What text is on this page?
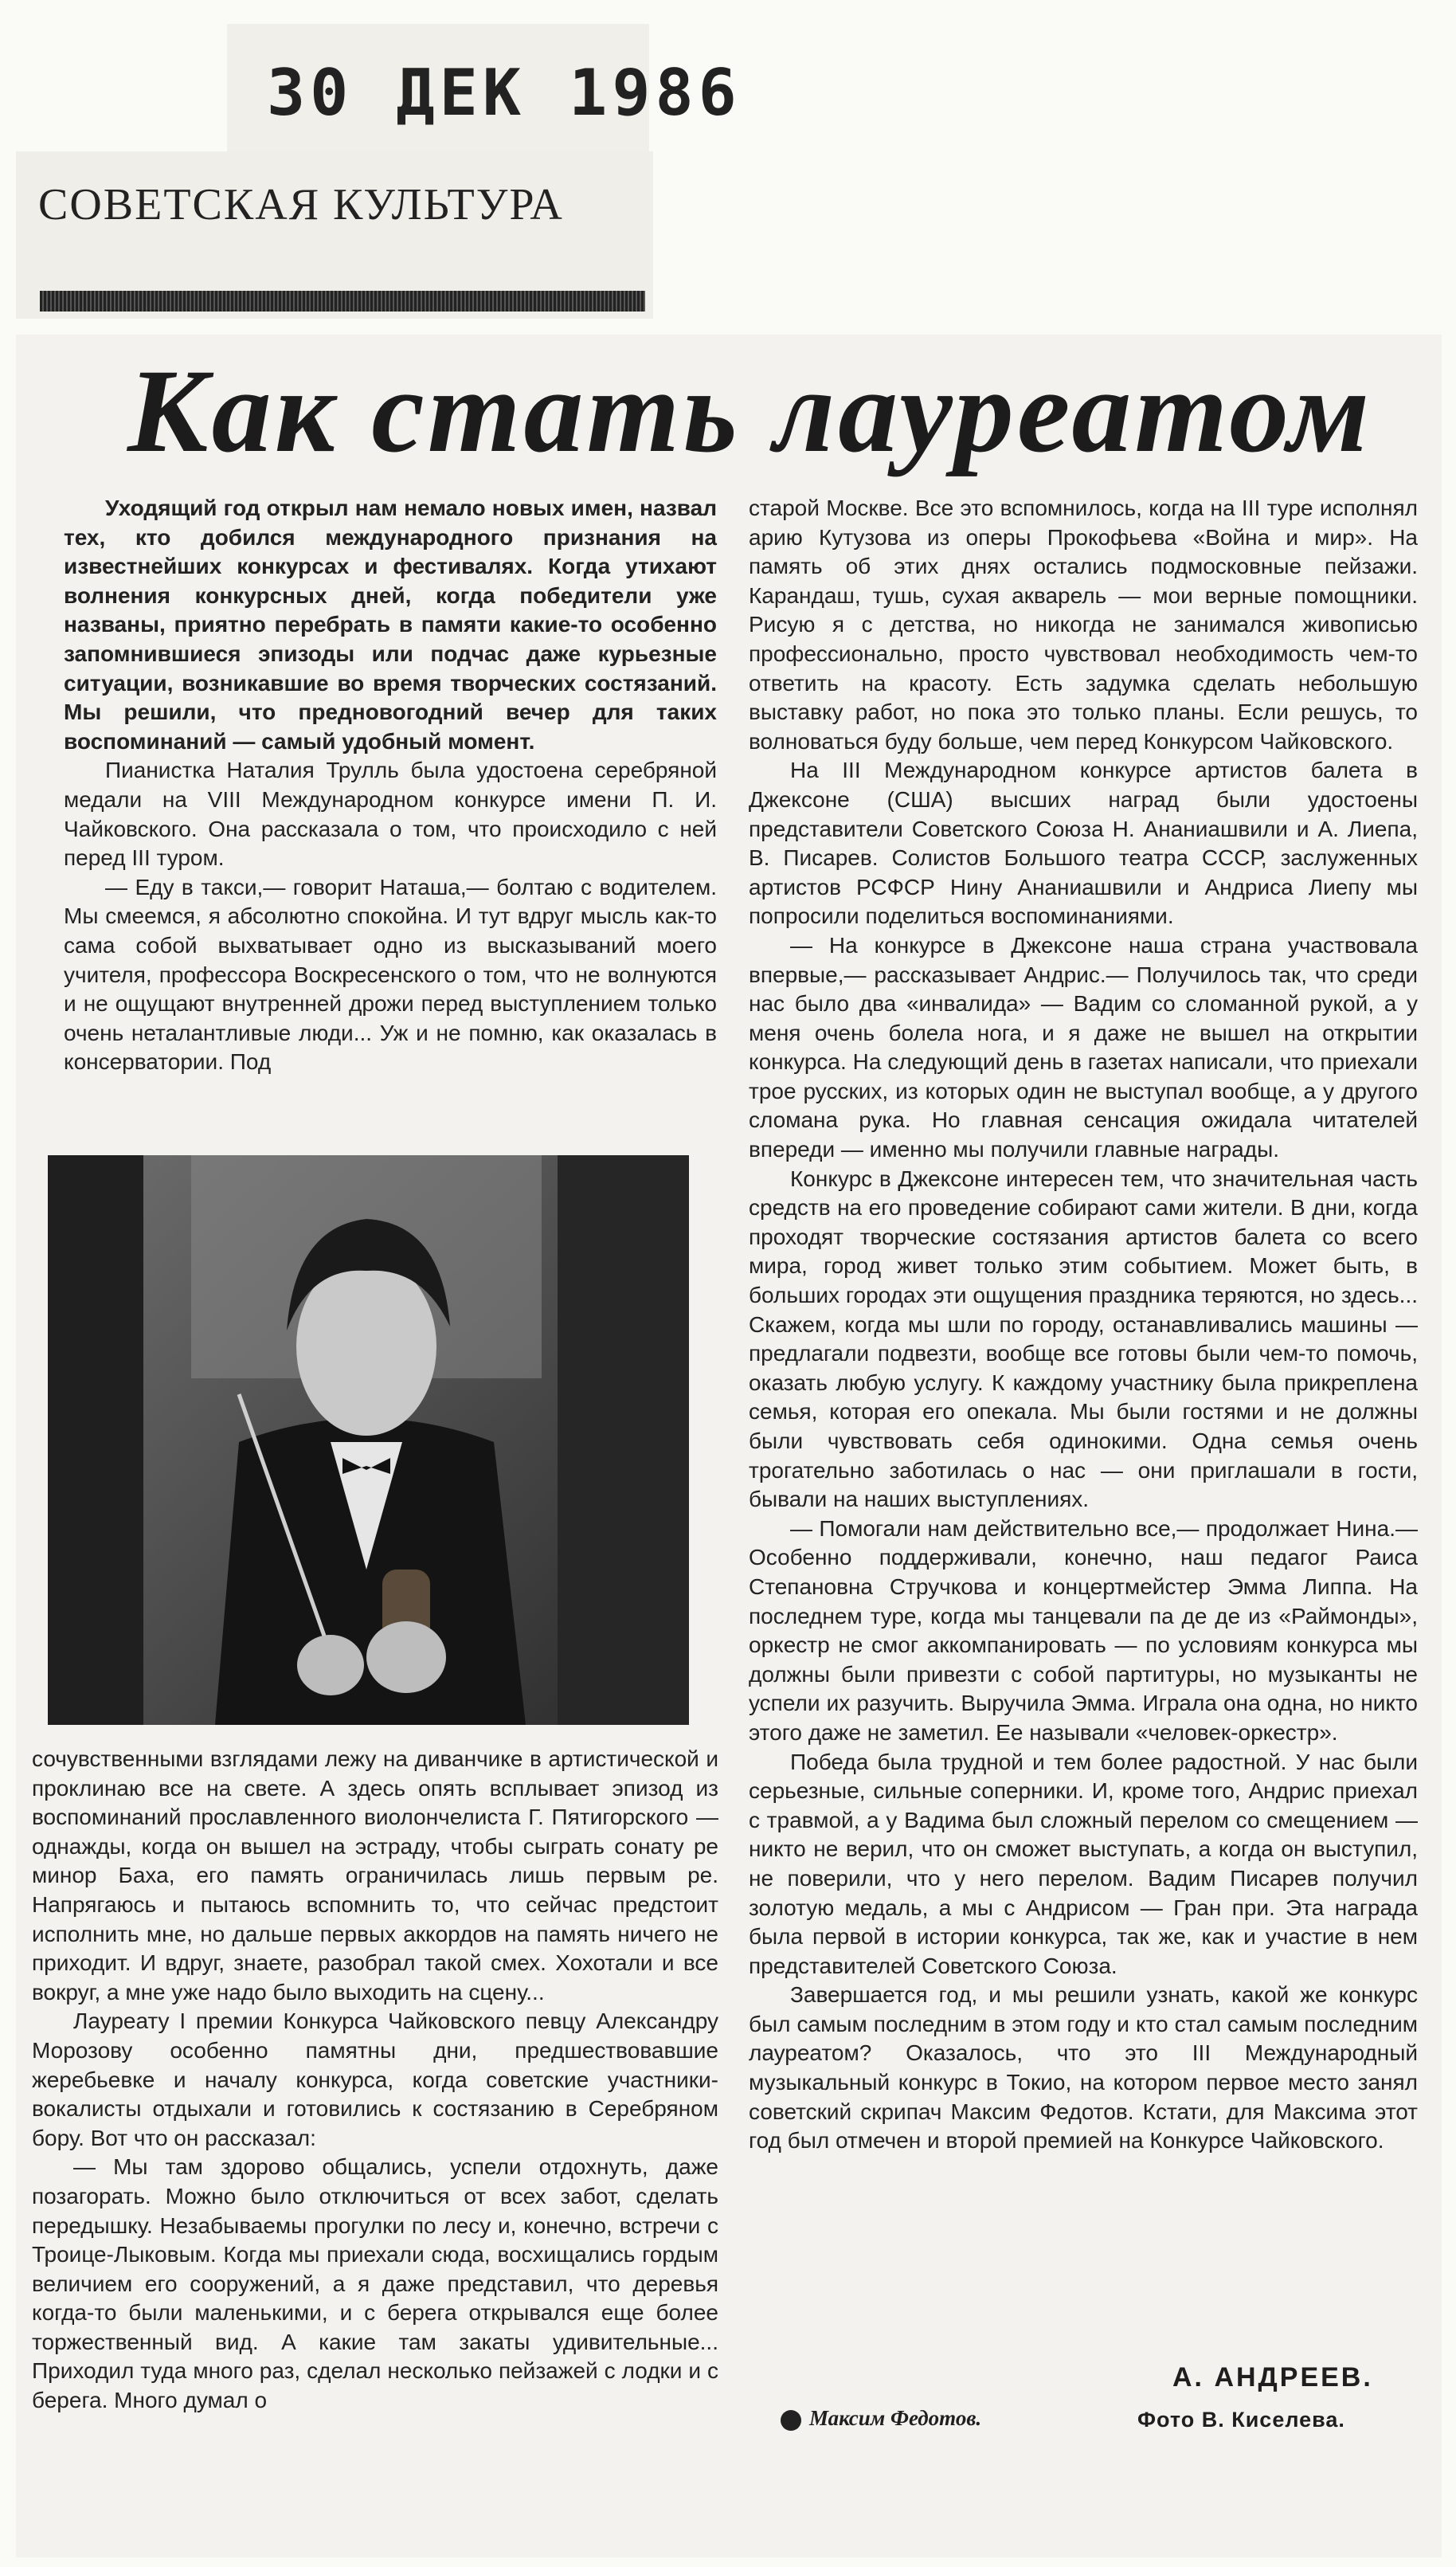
30 ДЕК 1986
СОВЕТСКАЯ КУЛЬТУРА
Как стать лауреатом

Уходящий год открыл нам немало новых имен, назвал тех, кто добился международного признания на известнейших конкурсах и фестивалях. Когда утихают волнения конкурсных дней, когда победители уже названы, приятно перебрать в памяти какие-то особенно запомнившиеся эпизоды или подчас даже курьезные ситуации, возникавшие во время творческих состязаний. Мы решили, что предновогодний вечер для таких воспоминаний — самый удобный момент.

Пианистка Наталия Трулль была удостоена серебряной медали на VIII Международном конкурсе имени П. И. Чайковского. Она рассказала о том, что происходило с ней перед III туром.

— Еду в такси,— говорит Наташа,— болтаю с водителем. Мы смеемся, я абсолютно спокойна. И тут вдруг мысль как-то сама собой выхватывает одно из высказываний моего учителя, профессора Воскресенского о том, что не волнуются и не ощущают внутренней дрожи перед выступлением только очень неталантливые люди... Уж и не помню, как оказалась в консерватории. Под

сочувственными взглядами лежу на диванчике в артистической и проклинаю все на свете. А здесь опять всплывает эпизод из воспоминаний прославленного виолончелиста Г. Пятигорского — однажды, когда он вышел на эстраду, чтобы сыграть сонату ре минор Баха, его память ограничилась лишь первым ре. Напрягаюсь и пытаюсь вспомнить то, что сейчас предстоит исполнить мне, но дальше первых аккордов на память ничего не приходит. И вдруг, знаете, разобрал такой смех. Хохотали и все вокруг, а мне уже надо было выходить на сцену...

Лауреату I премии Конкурса Чайковского певцу Александру Морозову особенно памятны дни, предшествовавшие жеребьевке и началу конкурса, когда советские участники-вокалисты отдыхали и готовились к состязанию в Серебряном бору. Вот что он рассказал:

— Мы там здорово общались, успели отдохнуть, даже позагорать. Можно было отключиться от всех забот, сделать передышку. Незабываемы прогулки по лесу и, конечно, встречи с Троице-Лыковым. Когда мы приехали сюда, восхищались гордым величием его сооружений, а я даже представил, что деревья когда-то были маленькими, и с берега открывался еще более торжественный вид. А какие там закаты удивительные... Приходил туда много раз, сделал несколько пейзажей с лодки и с берега. Много думал о

старой Москве. Все это вспомнилось, когда на III туре исполнял арию Кутузова из оперы Прокофьева «Война и мир». На память об этих днях остались подмосковные пейзажи. Карандаш, тушь, сухая акварель — мои верные помощники. Рисую я с детства, но никогда не занимался живописью профессионально, просто чувствовал необходимость чем-то ответить на красоту. Есть задумка сделать небольшую выставку работ, но пока это только планы. Если решусь, то волноваться буду больше, чем перед Конкурсом Чайковского.

На III Международном конкурсе артистов балета в Джексоне (США) высших наград были удостоены представители Советского Союза Н. Ананиашвили и А. Лиепа, В. Писарев. Солистов Большого театра СССР, заслуженных артистов РСФСР Нину Ананиашвили и Андриса Лиепу мы попросили поделиться воспоминаниями.

— На конкурсе в Джексоне наша страна участвовала впервые,— рассказывает Андрис.— Получилось так, что среди нас было два «инвалида» — Вадим со сломанной рукой, а у меня очень болела нога, и я даже не вышел на открытии конкурса. На следующий день в газетах написали, что приехали трое русских, из которых один не выступал вообще, а у другого сломана рука. Но главная сенсация ожидала читателей впереди — именно мы получили главные награды.

Конкурс в Джексоне интересен тем, что значительная часть средств на его проведение собирают сами жители. В дни, когда проходят творческие состязания артистов балета со всего мира, город живет только этим событием. Может быть, в больших городах эти ощущения праздника теряются, но здесь... Скажем, когда мы шли по городу, останавливались машины — предлагали подвезти, вообще все готовы были чем-то помочь, оказать любую услугу. К каждому участнику была прикреплена семья, которая его опекала. Мы были гостями и не должны были чувствовать себя одинокими. Одна семья очень трогательно заботилась о нас — они приглашали в гости, бывали на наших выступлениях.

— Помогали нам действительно все,— продолжает Нина.— Особенно поддерживали, конечно, наш педагог Раиса Степановна Стручкова и концертмейстер Эмма Липпа. На последнем туре, когда мы танцевали па де де из «Раймонды», оркестр не смог аккомпанировать — по условиям конкурса мы должны были привезти с собой партитуры, но музыканты не успели их разучить. Выручила Эмма. Играла она одна, но никто этого даже не заметил. Ее называли «человек-оркестр».

Победа была трудной и тем более радостной. У нас были серьезные, сильные соперники. И, кроме того, Андрис приехал с травмой, а у Вадима был сложный перелом со смещением — никто не верил, что он сможет выступать, а когда он выступил, не поверили, что у него перелом. Вадим Писарев получил золотую медаль, а мы с Андрисом — Гран при. Эта награда была первой в истории конкурса, так же, как и участие в нем представителей Советского Союза.

Завершается год, и мы решили узнать, какой же конкурс был самым последним в этом году и кто стал самым последним лауреатом? Оказалось, что это III Международный музыкальный конкурс в Токио, на котором первое место занял советский скрипач Максим Федотов. Кстати, для Максима этот год был отмечен и второй премией на Конкурсе Чайковского.

А. АНДРЕЕВ.
Максим Федотов.	Фото В. Киселева.
